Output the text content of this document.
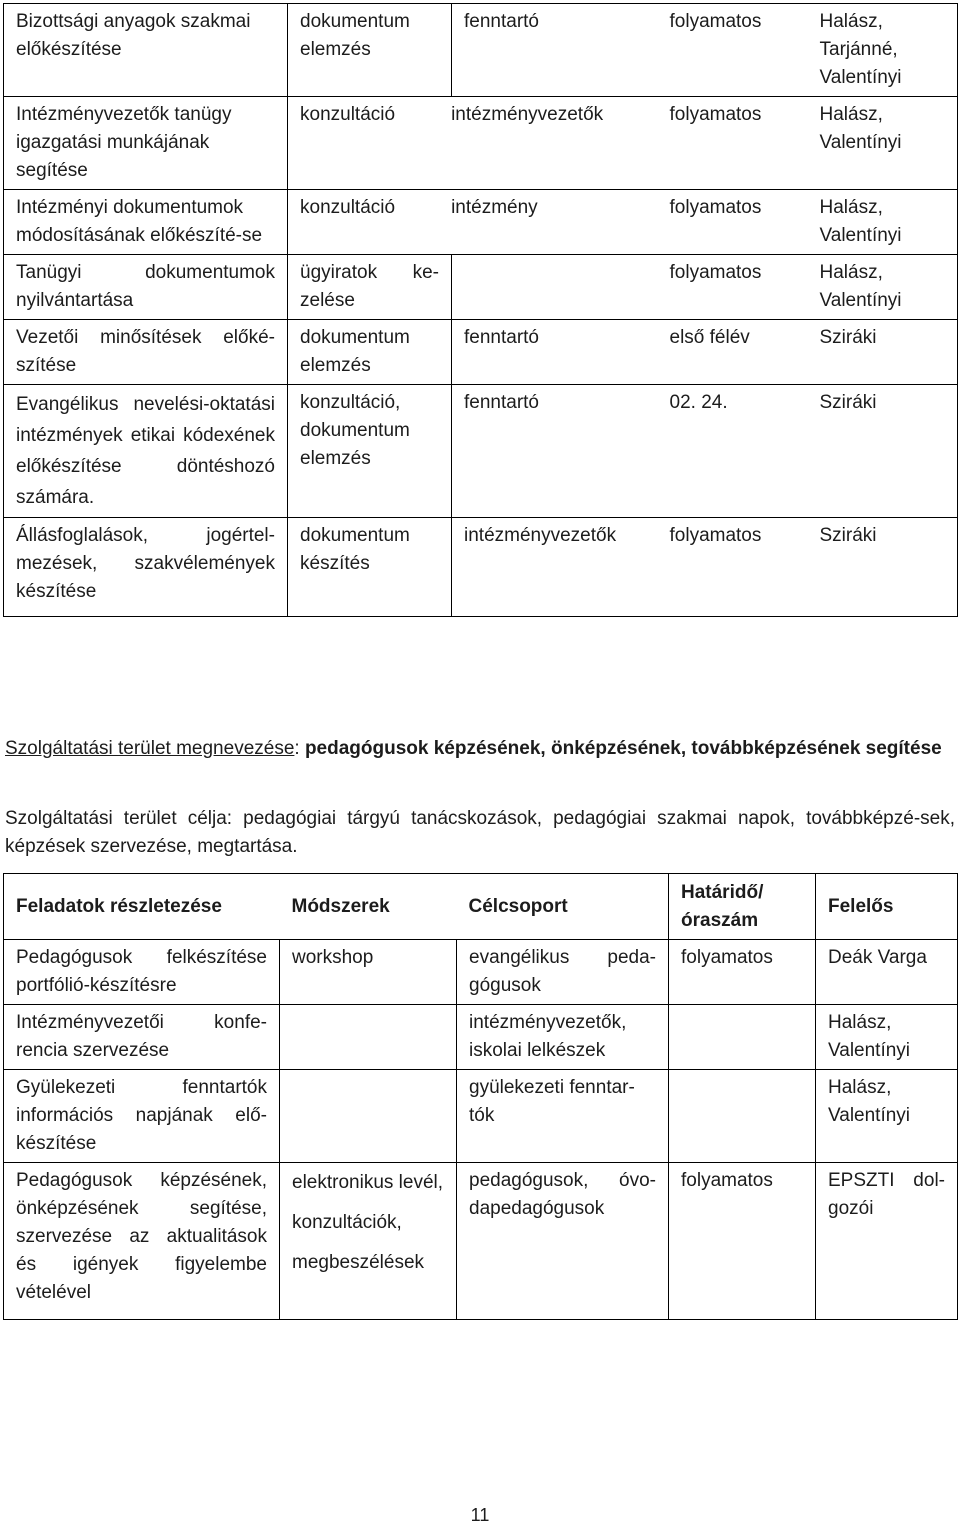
Bizottsági anyagok szakmai előkészítése	dokumentum elemzés	fenntartó	folyamatos	Halász, Tarjánné, Valentínyi
Intézményvezetők tanügy igazgatási munkájának segítése	konzultáció intézményvezetők		folyamatos	Halász, Valentínyi
Intézményi dokumentumok módosításának előkészíté-se	konzultáció intézmény		folyamatos	Halász, Valentínyi
Tanügyi dokumentumok nyilvántartása	ügyiratok ke-zelése		folyamatos	Halász, Valentínyi
Vezetői minősítések előké-szítése	dokumentum elemzés	fenntartó	első félév	Sziráki
Evangélikus nevelési-oktatási intézmények etikai kódexének előkészítése döntéshozó számára.	konzultáció, dokumentum elemzés	fenntartó	02. 24.	Sziráki
Állásfoglalások, jogértel-mezések, szakvélemények készítése	dokumentum készítés	intézményvezetők	folyamatos	Sziráki
Szolgáltatási terület megnevezése: pedagógusok képzésének, önképzésének, továbbképzésének segítése
Szolgáltatási terület célja: pedagógiai tárgyú tanácskozások, pedagógiai szakmai napok, továbbképzé-sek, képzések szervezése, megtartása.
Feladatok részletezése	Módszerek	Célcsoport	Határidő/ óraszám	Felelős
Pedagógusok felkészítése portfólió-készítésre	workshop	evangélikus peda-gógusok	folyamatos	Deák Varga
Intézményvezetői konfe-rencia szervezése		intézményvezetők, iskolai lelkészek		Halász, Valentínyi
Gyülekezeti fenntartók információs napjának elő-készítése		gyülekezeti fenntar-tók		Halász, Valentínyi
Pedagógusok képzésének, önképzésének segítése, szervezése az aktualitások és igények figyelembe vételével	elektronikus levél, konzultációk, megbeszélések	pedagógusok, óvo-dapedagógusok	folyamatos	EPSZTI dol-gozói
11
